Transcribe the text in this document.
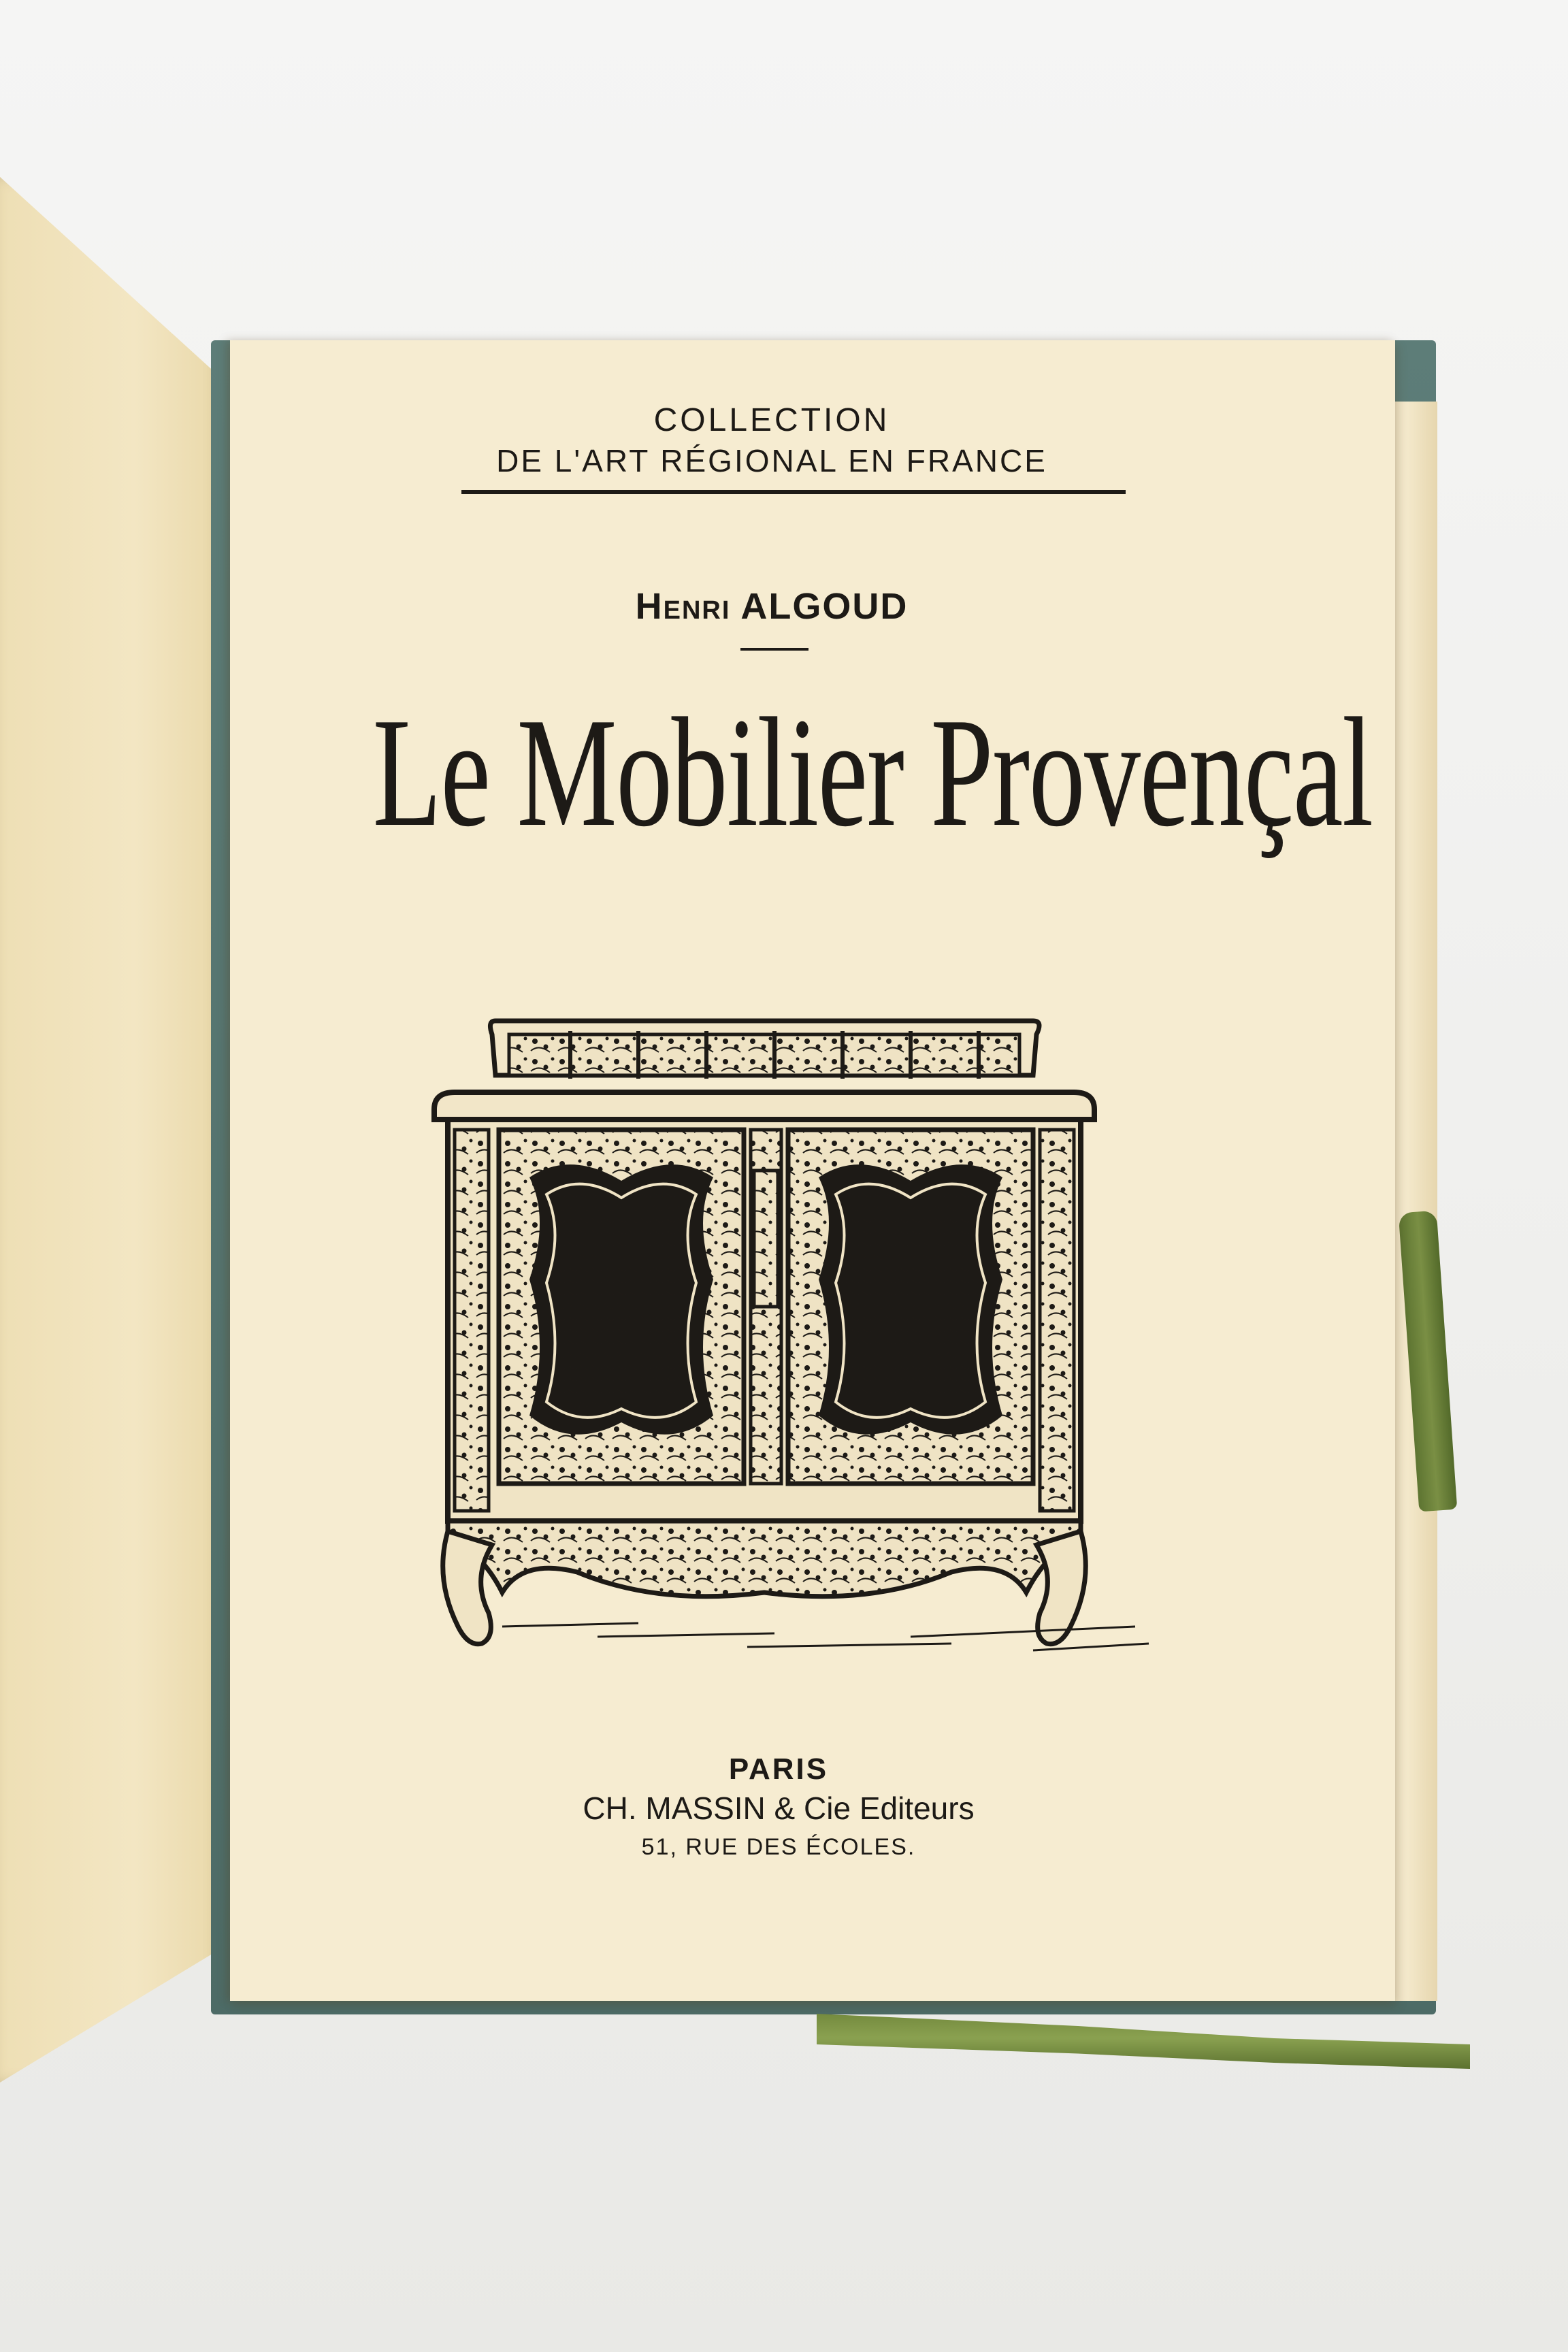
COLLECTION
DE L'ART RÉGIONAL EN FRANCE
Henri ALGOUD
Le Mobilier Provençal
PARIS
CH. MASSIN & Cie Editeurs
51, RUE DES ÉCOLES.
